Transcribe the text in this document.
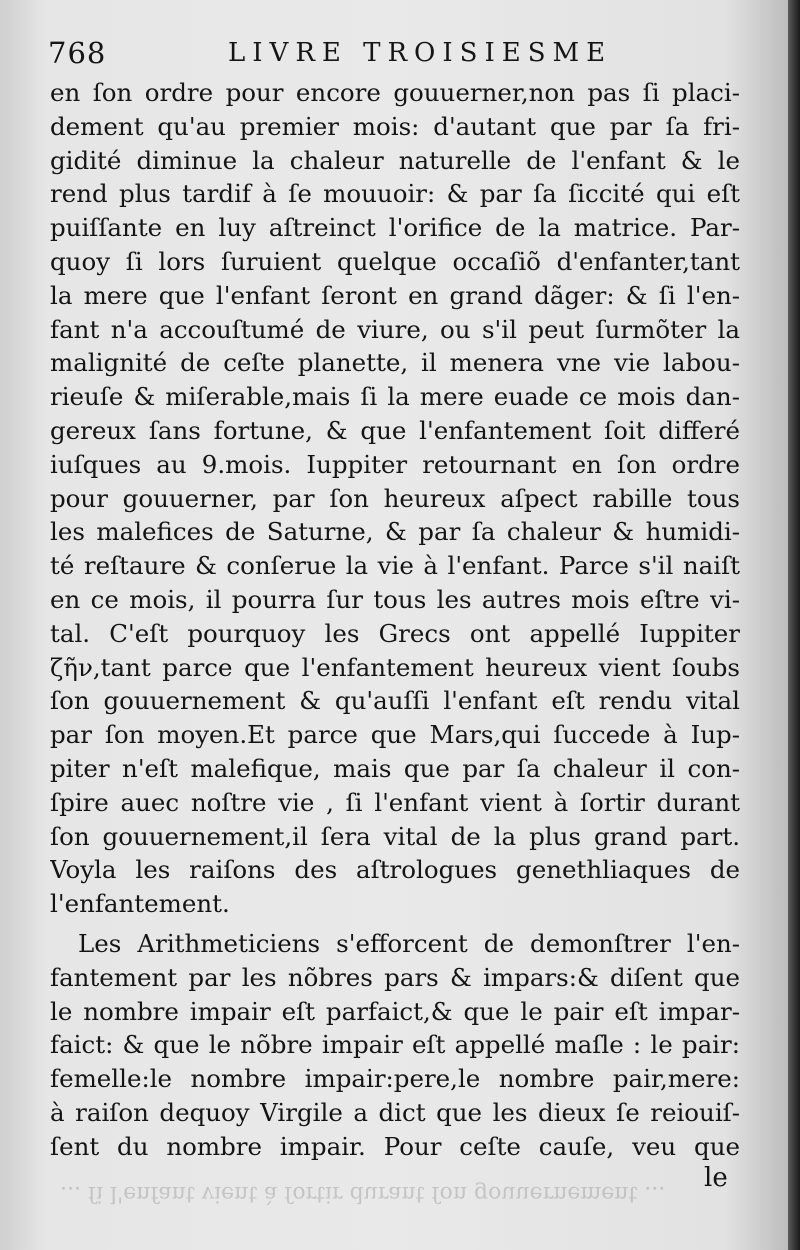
768	LIVRE TROISIESME
en ſon ordre pour encore gouuerner,non pas ſi placi-
dement qu'au premier mois: d'autant que par ſa fri-
gidité diminue la chaleur naturelle de l'enfant & le
rend plus tardif à ſe mouuoir: & par ſa ſiccité qui eſt
puiſſante en luy aſtreinct l'orifice de la matrice. Par-
quoy ſi lors ſuruient quelque occaſiõ d'enfanter,tant
la mere que l'enfant ſeront en grand dãger: & ſi l'en-
fant n'a accouſtumé de viure, ou s'il peut ſurmõter la
malignité de ceſte planette, il menera vne vie labou-
rieuſe & miſerable,mais ſi la mere euade ce mois dan-
gereux ſans fortune, & que l'enfantement ſoit differé
iuſques au 9.mois. Iuppiter retournant en ſon ordre
pour gouuerner, par ſon heureux aſpect rabille tous
les malefices de Saturne, & par ſa chaleur & humidi-
té reſtaure & conſerue la vie à l'enfant. Parce s'il naiſt
en ce mois, il pourra ſur tous les autres mois eſtre vi-
tal. C'eſt pourquoy les Grecs ont appellé Iuppiter
ζῆν,tant parce que l'enfantement heureux vient ſoubs
ſon gouuernement & qu'auſſi l'enfant eſt rendu vital
par ſon moyen.Et parce que Mars,qui ſuccede à Iup-
piter n'eſt malefique, mais que par ſa chaleur il con-
ſpire auec noſtre vie , ſi l'enfant vient à ſortir durant
ſon gouuernement,il ſera vital de la plus grand part.
Voyla les raiſons des aſtrologues genethliaques de
l'enfantement.
Les Arithmeticiens s'efforcent de demonſtrer l'en-
fantement par les nõbres pars & impars:& diſent que
le nombre impair eſt parfaict,& que le pair eſt impar-
faict: & que le nõbre impair eſt appellé maſle : le pair:
femelle:le nombre impair:pere,le nombre pair,mere:
à raiſon dequoy Virgile a dict que les dieux ſe reiouiſ-
ſent du nombre impair. Pour ceſte cauſe, veu que
... ſi l'enfant vient à ſortir durant ſon gouuernement ...
le
